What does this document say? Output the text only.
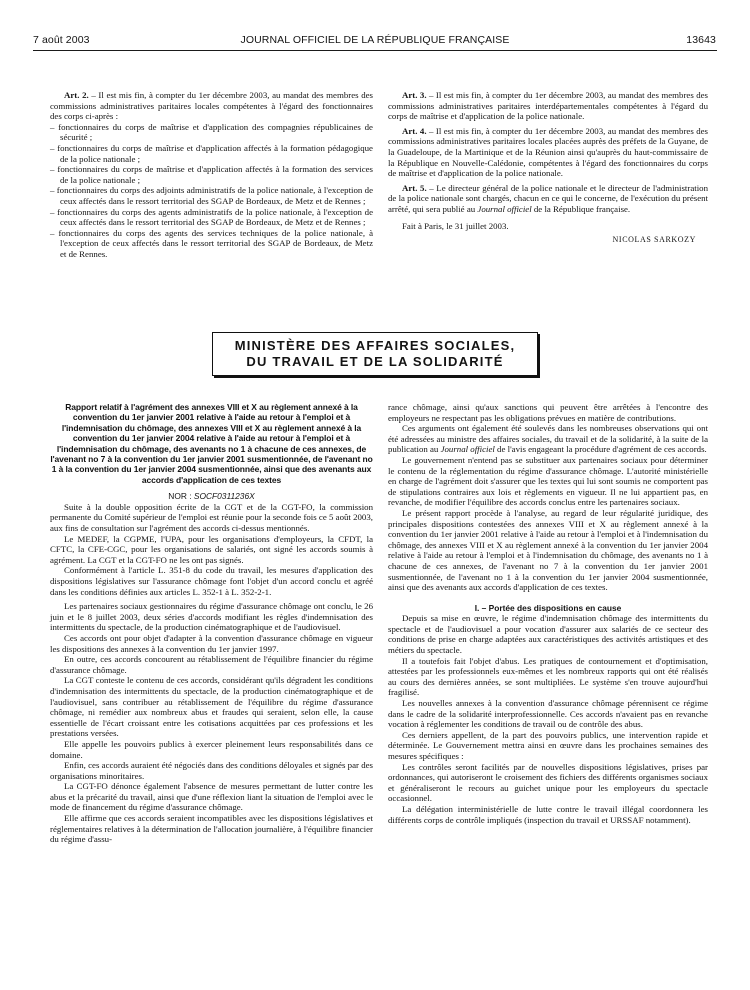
7 août 2003	JOURNAL OFFICIEL DE LA RÉPUBLIQUE FRANÇAISE	13643

Art. 2. – Il est mis fin, à compter du 1er décembre 2003, au mandat des membres des commissions administratives paritaires locales compétentes à l'égard des fonctionnaires des corps ci-après :

– fonctionnaires du corps de maîtrise et d'application des compagnies républicaines de sécurité ;
– fonctionnaires du corps de maîtrise et d'application affectés à la formation pédagogique de la police nationale ;
– fonctionnaires du corps de maîtrise et d'application affectés à la formation des services de la police nationale ;
– fonctionnaires du corps des adjoints administratifs de la police nationale, à l'exception de ceux affectés dans le ressort territorial des SGAP de Bordeaux, de Metz et de Rennes ;
– fonctionnaires du corps des agents administratifs de la police nationale, à l'exception de ceux affectés dans le ressort territorial des SGAP de Bordeaux, de Metz et de Rennes ;
– fonctionnaires du corps des agents des services techniques de la police nationale, à l'exception de ceux affectés dans le ressort territorial des SGAP de Bordeaux, de Metz et de Rennes.

Art. 3. – Il est mis fin, à compter du 1er décembre 2003, au mandat des membres des commissions administratives paritaires interdépartementales compétentes à l'égard du corps de maîtrise et d'application de la police nationale.

Art. 4. – Il est mis fin, à compter du 1er décembre 2003, au mandat des membres des commissions administratives paritaires locales placées auprès des préfets de la Guyane, de la Guadeloupe, de la Martinique et de la Réunion ainsi qu'auprès du haut-commissaire de la République en Nouvelle-Calédonie, compétentes à l'égard des fonctionnaires du corps de maîtrise et d'application de la police nationale.

Art. 5. – Le directeur général de la police nationale et le directeur de l'administration de la police nationale sont chargés, chacun en ce qui le concerne, de l'exécution du présent arrêté, qui sera publié au Journal officiel de la République française.

Fait à Paris, le 31 juillet 2003.

NICOLAS SARKOZY

MINISTÈRE DES AFFAIRES SOCIALES,
DU TRAVAIL ET DE LA SOLIDARITÉ

Rapport relatif à l'agrément des annexes VIII et X au règlement annexé à la convention du 1er janvier 2001 relative à l'aide au retour à l'emploi et à l'indemnisation du chômage, des annexes VIII et X au règlement annexé à la convention du 1er janvier 2004 relative à l'aide au retour à l'emploi et à l'indemnisation du chômage, des avenants no 1 à chacune de ces annexes, de l'avenant no 7 à la convention du 1er janvier 2001 susmentionnée, de l'avenant no 1 à la convention du 1er janvier 2004 susmentionnée, ainsi que des avenants aux accords d'application de ces textes

NOR : SOCF0311236X

Suite à la double opposition écrite de la CGT et de la CGT-FO, la commission permanente du Comité supérieur de l'emploi est réunie pour la seconde fois ce 5 août 2003, aux fins de consultation sur l'agrément des accords ci-dessus mentionnés.

Le MEDEF, la CGPME, l'UPA, pour les organisations d'employeurs, la CFDT, la CFTC, la CFE-CGC, pour les organisations de salariés, ont signé les accords soumis à agrément. La CGT et la CGT-FO ne les ont pas signés.

Conformément à l'article L. 351-8 du code du travail, les mesures d'application des dispositions législatives sur l'assurance chômage font l'objet d'un accord conclu et agréé dans les conditions définies aux articles L. 352-1 à L. 352-2-1.

Les partenaires sociaux gestionnaires du régime d'assurance chômage ont conclu, le 26 juin et le 8 juillet 2003, deux séries d'accords modifiant les règles d'indemnisation des intermittents du spectacle, de la production cinématographique et de l'audiovisuel.

Ces accords ont pour objet d'adapter à la convention d'assurance chômage en vigueur les dispositions des annexes à la convention du 1er janvier 1997.

En outre, ces accords concourent au rétablissement de l'équilibre financier du régime d'assurance chômage.

La CGT conteste le contenu de ces accords, considérant qu'ils dégradent les conditions d'indemnisation des intermittents du spectacle, de la production cinématographique et de l'audiovisuel, sans contribuer au rétablissement de l'équilibre du régime d'assurance chômage, ni remédier aux nombreux abus et fraudes qui seraient, selon elle, la cause essentielle de l'écart croissant entre les cotisations acquittées par ces professions et les prestations versées.

Elle appelle les pouvoirs publics à exercer pleinement leurs responsabilités dans ce domaine.

Enfin, ces accords auraient été négociés dans des conditions déloyales et signés par des organisations minoritaires.

La CGT-FO dénonce également l'absence de mesures permettant de lutter contre les abus et la précarité du travail, ainsi que d'une réflexion liant la situation de l'emploi avec le mode de financement du régime d'assurance chômage.

Elle affirme que ces accords seraient incompatibles avec les dispositions législatives et réglementaires relatives à la détermination de l'allocation journalière, à l'équilibre financier du régime d'assu-

rance chômage, ainsi qu'aux sanctions qui peuvent être arrêtées à l'encontre des employeurs ne respectant pas les obligations prévues en matière de contributions.

Ces arguments ont également été soulevés dans les nombreuses observations qui ont été adressées au ministre des affaires sociales, du travail et de la solidarité, à la suite de la publication au Journal officiel de l'avis engageant la procédure d'agrément de ces accords.

Le gouvernement n'entend pas se substituer aux partenaires sociaux pour déterminer le contenu de la réglementation du régime d'assurance chômage. L'autorité ministérielle en charge de l'agrément doit s'assurer que les textes qui lui sont soumis ne comportent pas de stipulations contraires aux lois et règlements en vigueur. Il ne lui appartient pas, en revanche, de modifier l'équilibre des accords conclus entre les partenaires sociaux.

Le présent rapport procède à l'analyse, au regard de leur régularité juridique, des principales dispositions contestées des annexes VIII et X au règlement annexé à la convention du 1er janvier 2001 relative à l'aide au retour à l'emploi et à l'indemnisation du chômage, des annexes VIII et X au règlement annexé à la convention du 1er janvier 2004 relative à l'aide au retour à l'emploi et à l'indemnisation du chômage, des avenants no 1 à chacune de ces annexes, de l'avenant no 7 à la convention du 1er janvier 2001 susmentionnée, de l'avenant no 1 à la convention du 1er janvier 2004 susmentionnée, ainsi que des avenants aux accords d'application de ces textes.

I. – Portée des dispositions en cause

Depuis sa mise en œuvre, le régime d'indemnisation chômage des intermittents du spectacle et de l'audiovisuel a pour vocation d'assurer aux salariés de ce secteur des conditions de prise en charge adaptées aux caractéristiques des activités artistiques et des métiers du spectacle.

Il a toutefois fait l'objet d'abus. Les pratiques de contournement et d'optimisation, attestées par les professionnels eux-mêmes et les nombreux rapports qui ont été réalisés au cours des dernières années, se sont multipliées. Le système s'en trouve aujourd'hui fragilisé.

Les nouvelles annexes à la convention d'assurance chômage pérennisent ce régime dans le cadre de la solidarité interprofessionnelle. Ces accords n'avaient pas en revanche vocation à réglementer les conditions de travail ou de contrôle des abus.

Ces derniers appellent, de la part des pouvoirs publics, une intervention rapide et déterminée. Le Gouvernement mettra ainsi en œuvre dans les prochaines semaines des mesures spécifiques :

Les contrôles seront facilités par de nouvelles dispositions législatives, prises par ordonnances, qui autoriseront le croisement des fichiers des différents organismes sociaux et généraliseront le recours au guichet unique pour les employeurs du spectacle occasionnel.

La délégation interministérielle de lutte contre le travail illégal coordonnera les différents corps de contrôle impliqués (inspection du travail et URSSAF notamment).
